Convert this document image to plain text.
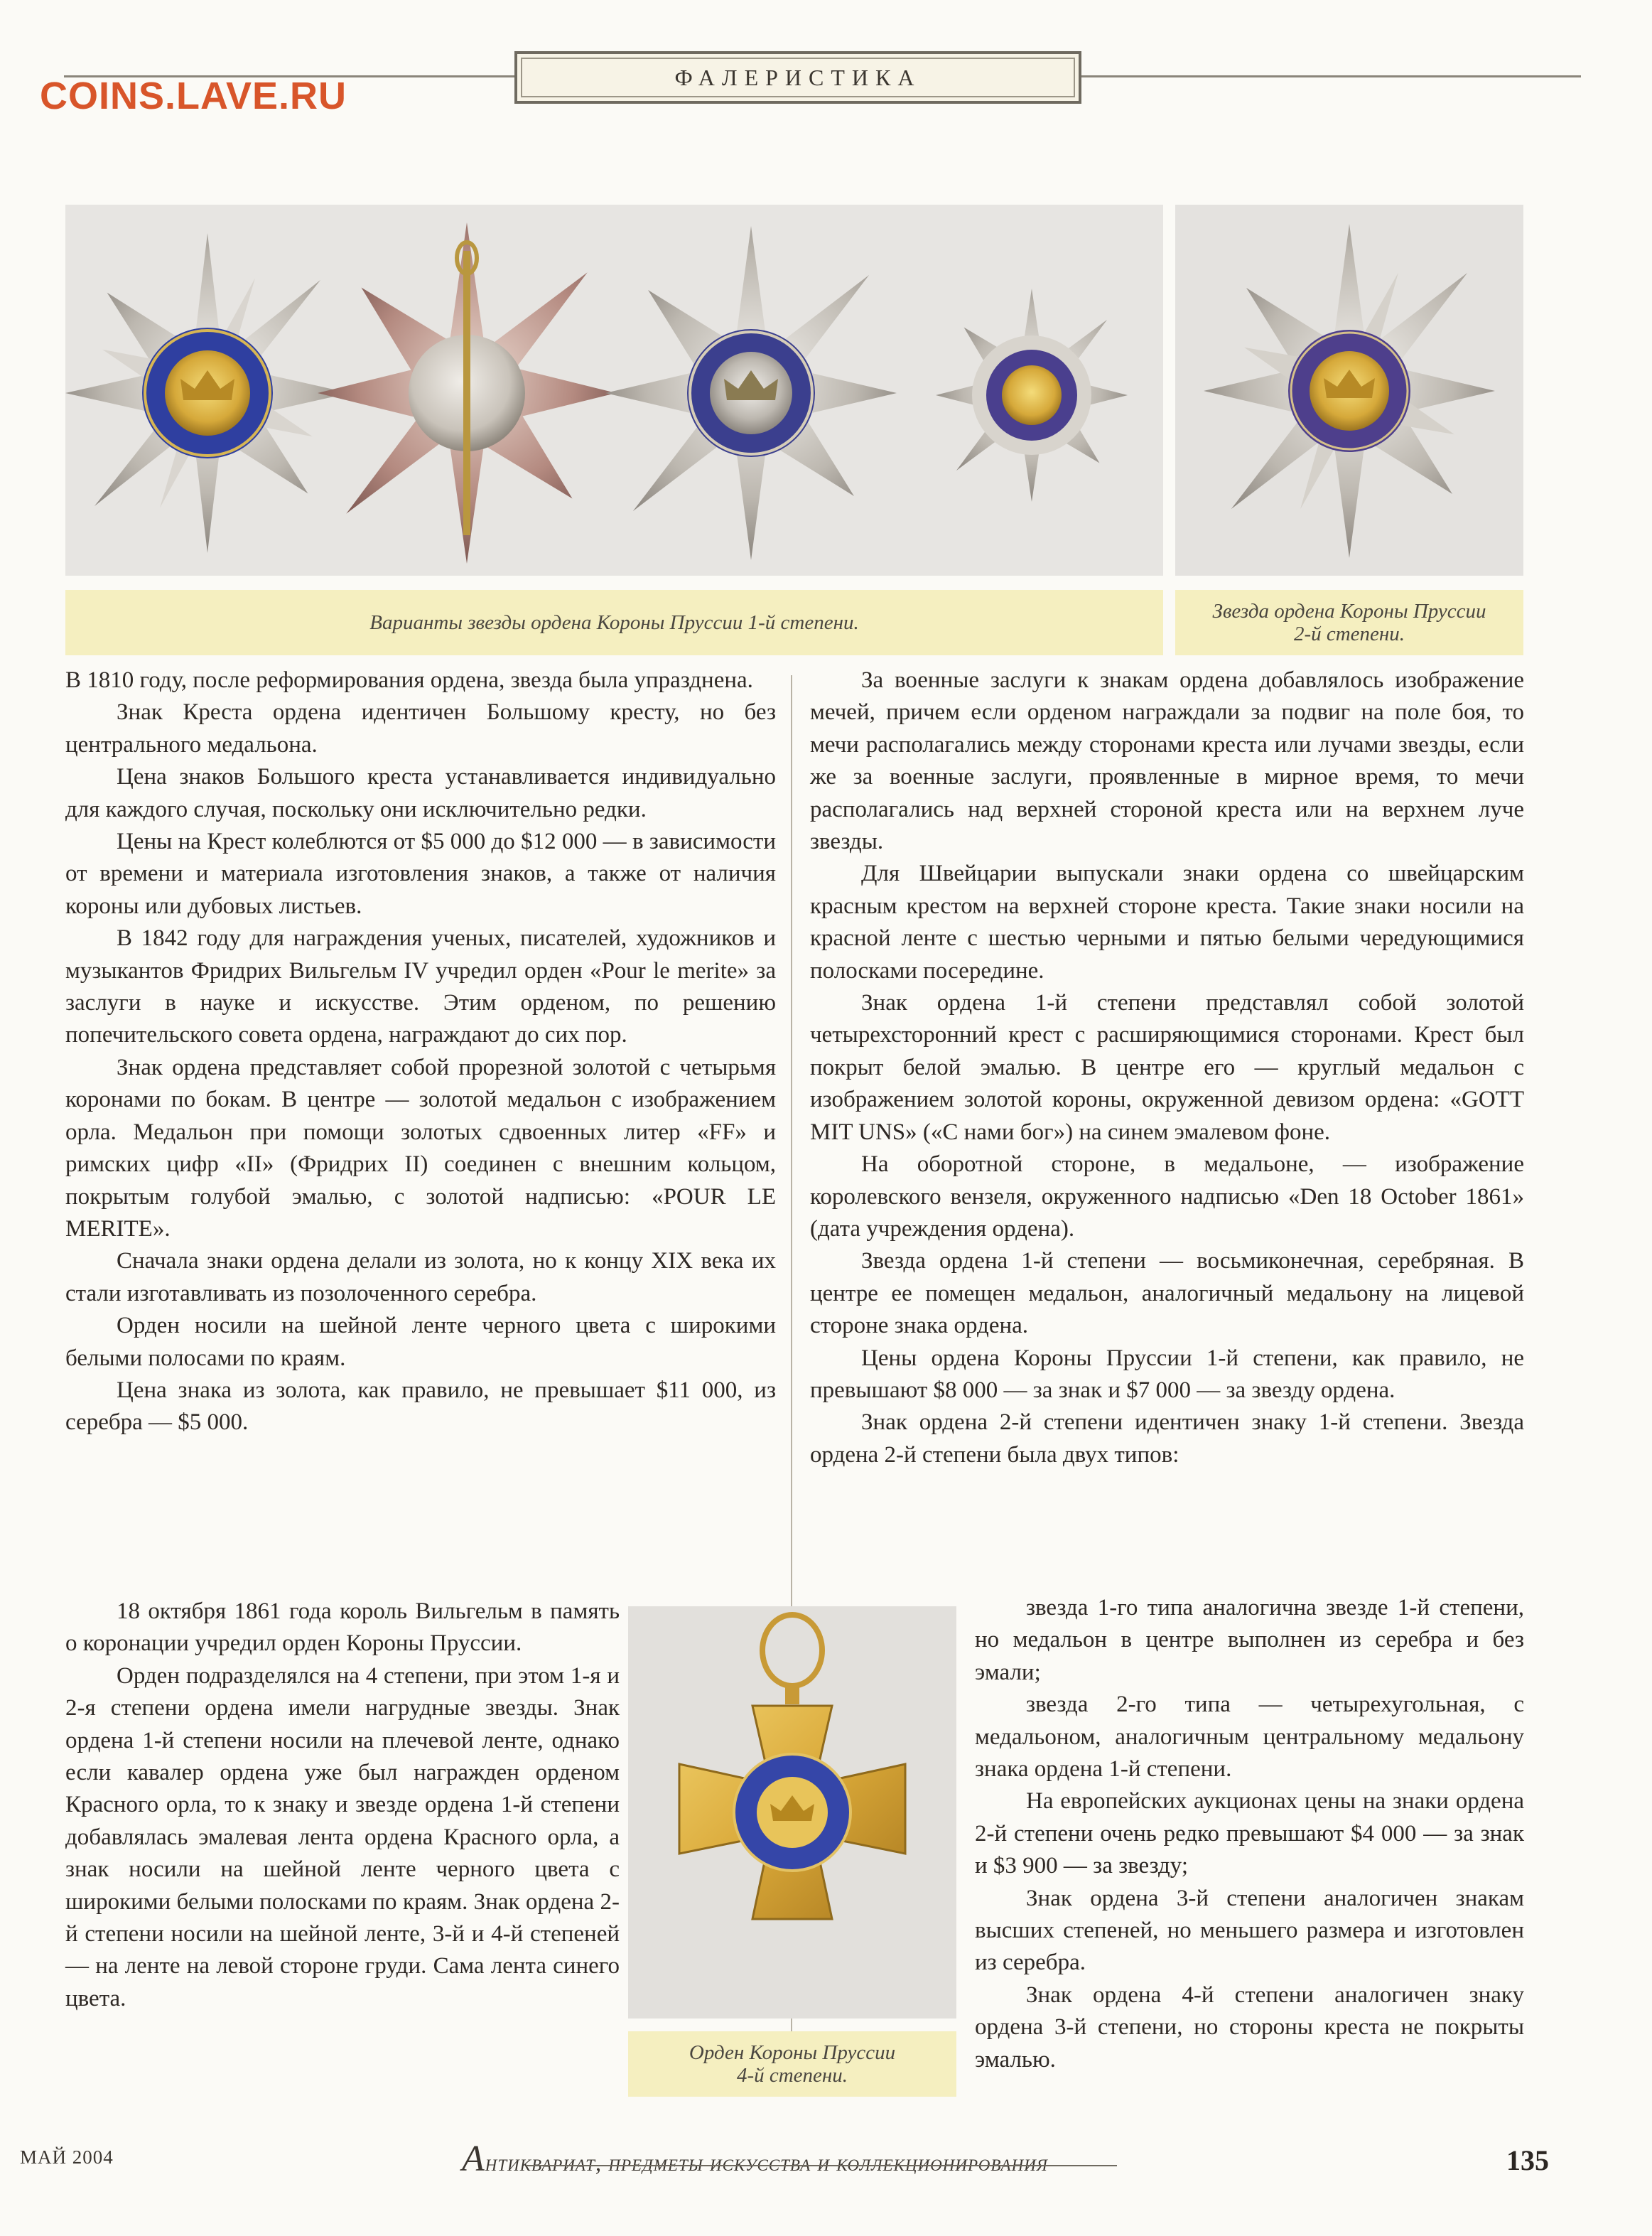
COINS.LAVE.RU	ФАЛЕРИСТИКА
Варианты звезды ордена Короны Пруссии 1-й степени.	Звезда ордена Короны Пруссии
2-й степени.

В 1810 году, после реформирования ордена, звезда была упразднена.

Знак Креста ордена идентичен Большому кресту, но без центрального медальона.

Цена знаков Большого креста устанавливается индивидуально для каждого случая, поскольку они исключительно редки.

Цены на Крест колеблются от $5 000 до $12 000 — в зависимости от времени и материала изготовления знаков, а также от наличия короны или дубовых листьев.

В 1842 году для награждения ученых, писателей, художников и музыкантов Фридрих Вильгельм IV учредил орден «Pour le merite» за заслуги в науке и искусстве. Этим орденом, по решению попечительского совета ордена, награждают до сих пор.

Знак ордена представляет собой прорезной золотой с четырьмя коронами по бокам. В центре — золотой медальон с изображением орла. Медальон при помощи золотых сдвоенных литер «FF» и римских цифр «II» (Фридрих II) соединен с внешним кольцом, покрытым голубой эмалью, с золотой надписью: «POUR LE MERITE».

Сначала знаки ордена делали из золота, но к концу XIX века их стали изготавливать из позолоченного серебра.

Орден носили на шейной ленте черного цвета с широкими белыми полосами по краям.

Цена знака из золота, как правило, не превышает $11 000, из серебра — $5 000.

18 октября 1861 года король Вильгельм в память о коронации учредил орден Короны Пруссии.

Орден подразделялся на 4 степени, при этом 1-я и 2-я степени ордена имели нагрудные звезды. Знак ордена 1-й степени носили на плечевой ленте, однако если кавалер ордена уже был награжден орденом Красного орла, то к знаку и звезде ордена 1-й степени добавлялась эмалевая лента ордена Красного орла, а знак носили на шейной ленте черного цвета с широкими белыми полосками по краям. Знак ордена 2-й степени носили на шейной ленте, 3-й и 4-й степеней — на ленте на левой стороне груди. Сама лента синего цвета.

За военные заслуги к знакам ордена добавлялось изображение мечей, причем если орденом награждали за подвиг на поле боя, то мечи располагались между сторонами креста или лучами звезды, если же за военные заслуги, проявленные в мирное время, то мечи располагались над верхней стороной креста или на верхнем луче звезды.

Для Швейцарии выпускали знаки ордена со швейцарским красным крестом на верхней стороне креста. Такие знаки носили на красной ленте с шестью черными и пятью белыми чередующимися полосками посередине.

Знак ордена 1-й степени представлял собой золотой четырехсторонний крест с расширяющимися сторонами. Крест был покрыт белой эмалью. В центре его — круглый медальон с изображением золотой короны, окруженной девизом ордена: «GOTT MIT UNS» («С нами бог») на синем эмалевом фоне.

На оборотной стороне, в медальоне, — изображение королевского вензеля, окруженного надписью «Den 18 October 1861» (дата учреждения ордена).

Звезда ордена 1-й степени — восьмиконечная, серебряная. В центре ее помещен медальон, аналогичный медальону на лицевой стороне знака ордена.

Цены ордена Короны Пруссии 1-й степени, как правило, не превышают $8 000 — за знак и $7 000 — за звезду ордена.

Знак ордена 2-й степени идентичен знаку 1-й степени. Звезда ордена 2-й степени была двух типов:

звезда 1-го типа аналогична звезде 1-й степени, но медальон в центре выполнен из серебра и без эмали;

звезда 2-го типа — четырехугольная, с медальоном, аналогичным центральному медальону знака ордена 1-й степени.

На европейских аукционах цены на знаки ордена 2-й степени очень редко превышают $4 000 — за знак и $3 900 — за звезду;

Знак ордена 3-й степени аналогичен знакам высших степеней, но меньшего размера и изготовлен из серебра.

Знак ордена 4-й степени аналогичен знаку ордена 3-й степени, но стороны креста не покрыты эмалью.

Орден Короны Пруссии
4-й степени.
МАЙ 2004	Антиквариат, предметы искусства и коллекционирования	135
